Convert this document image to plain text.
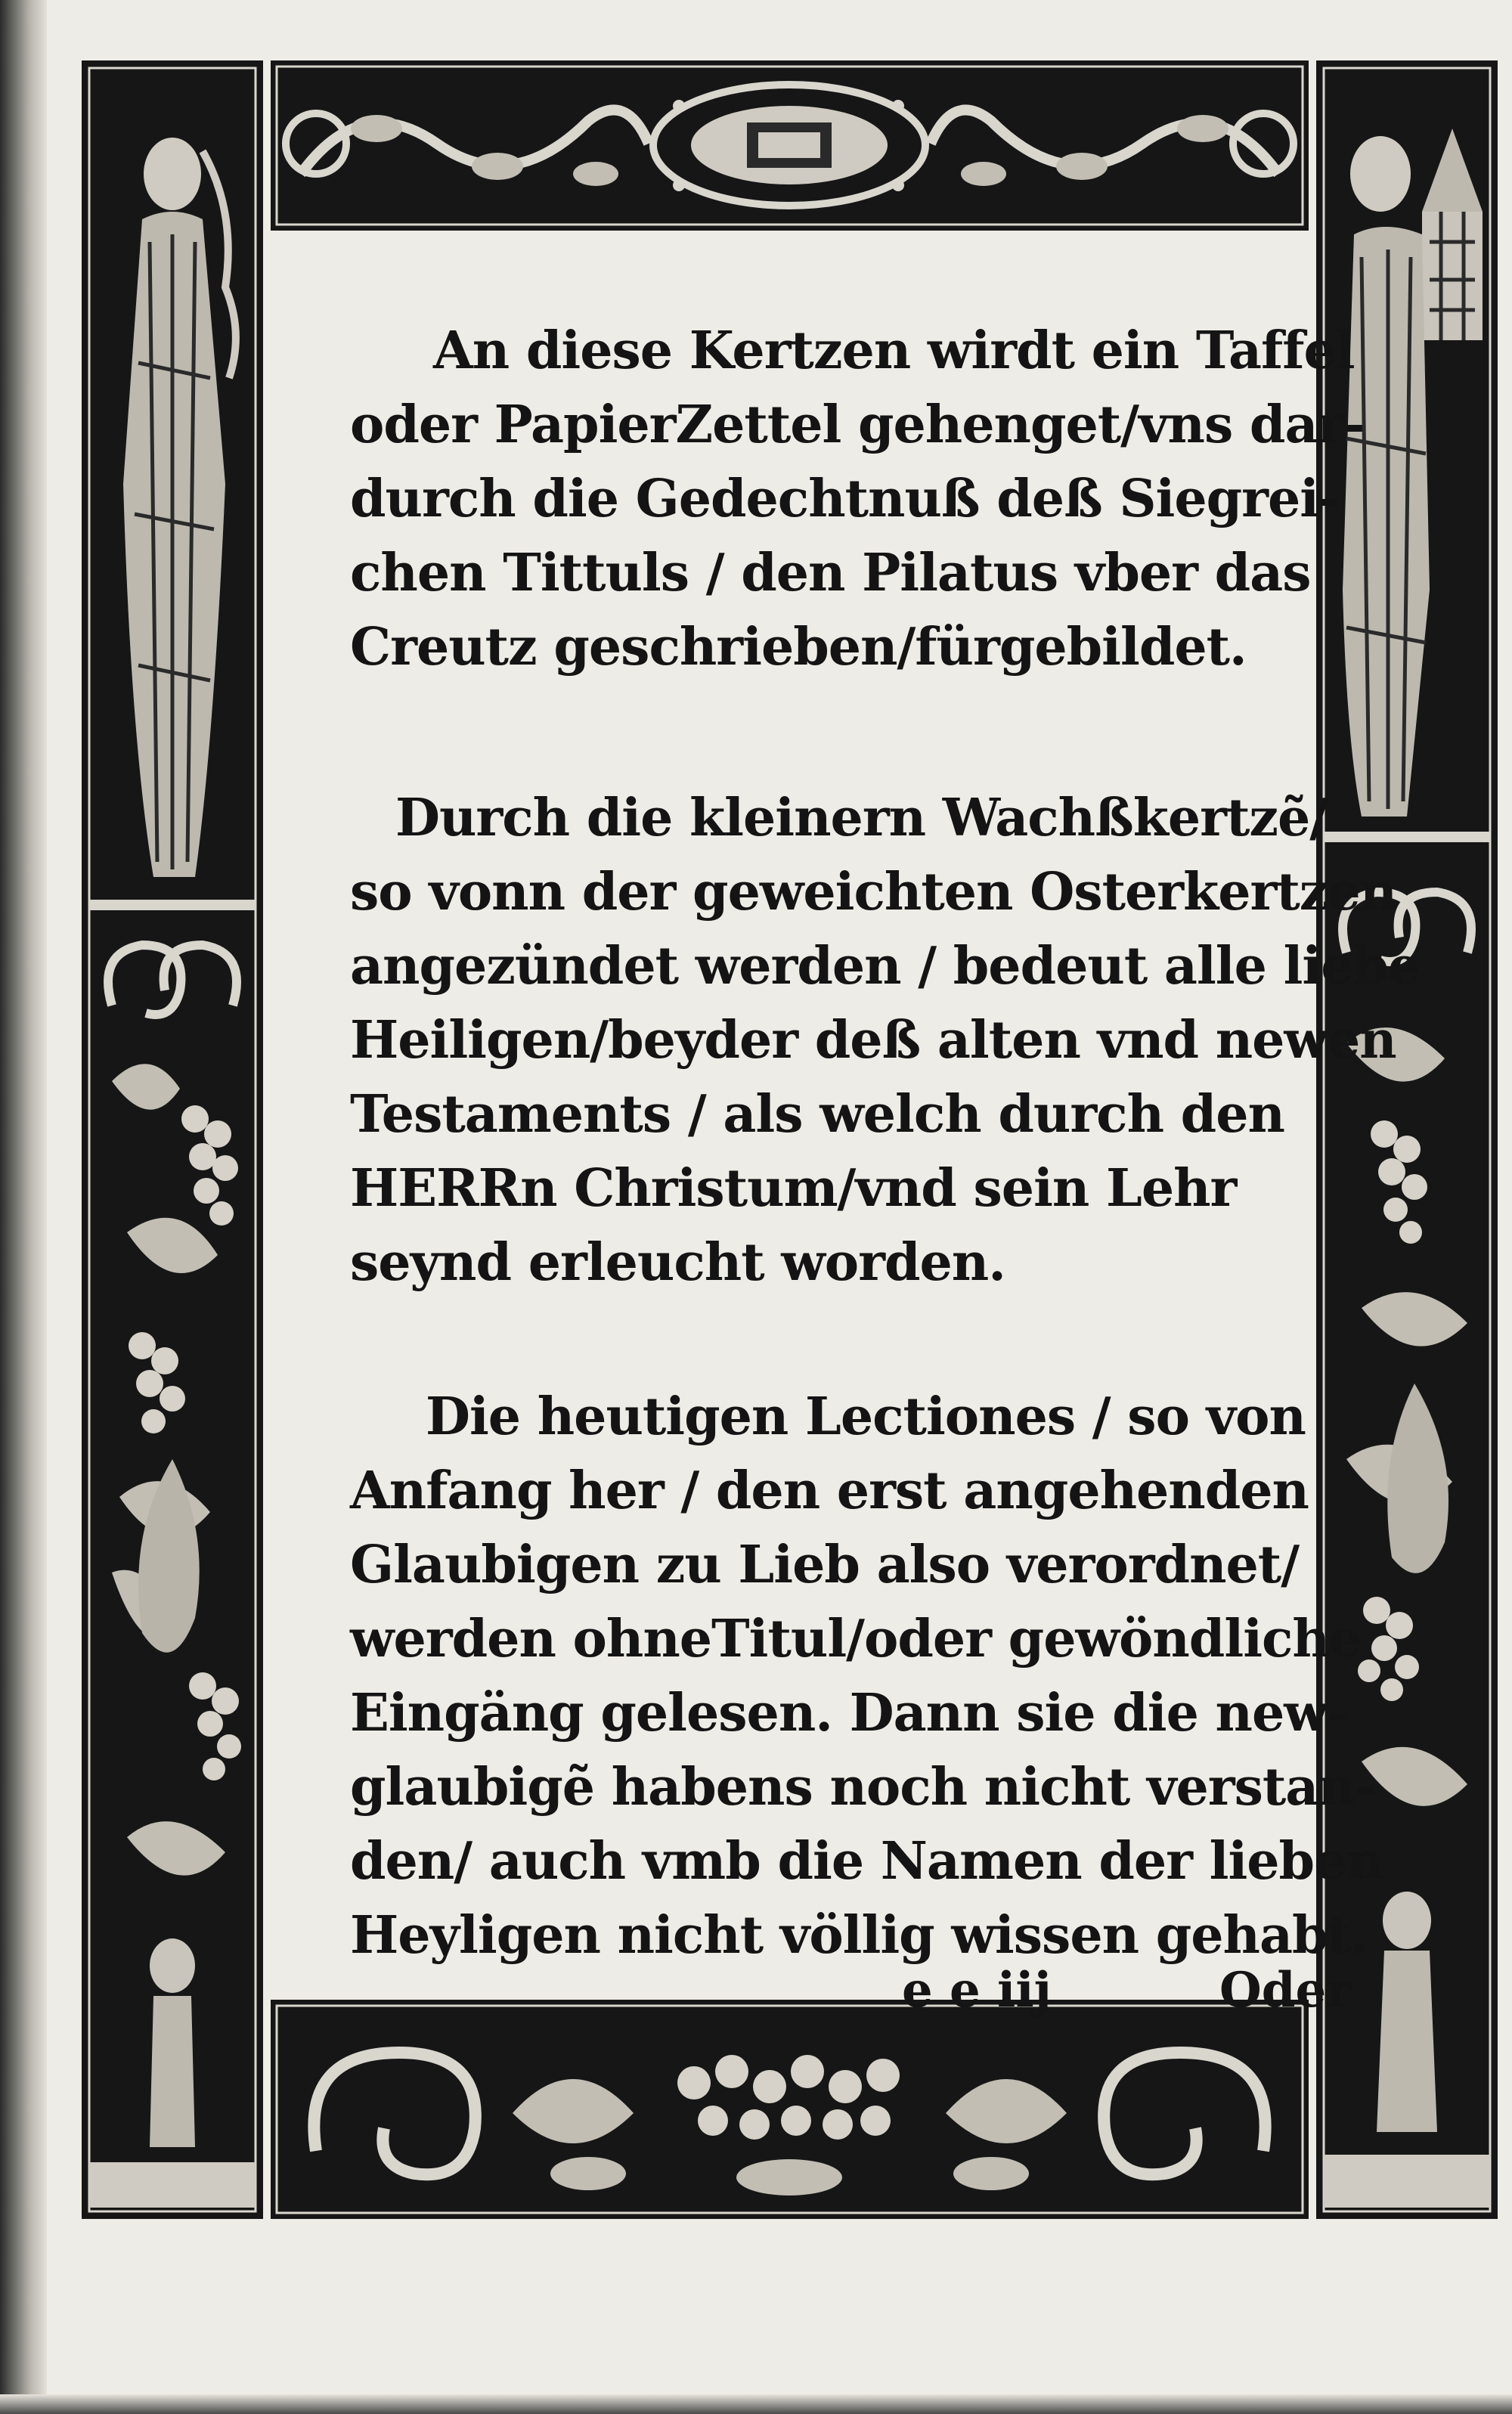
An diese Kertzen wirdt ein Taffel
oder PapierZettel gehenget/vns dar-
durch die Gedechtnuß deß Siegrei-
chen Tittuls / den Pilatus vber das
Creutz geschrieben/fürgebildet.
Durch die kleinern Wachßkertzẽ/
so vonn der geweichten Osterkertzen
angezündet werden / bedeut alle liebe
Heiligen/beyder deß alten vnd newen
Testaments / als welch durch den
HERRn Christum/vnd sein Lehr
seynd erleucht worden.
Die heutigen Lectiones / so von
Anfang her / den erst angehenden
Glaubigen zu Lieb also verordnet/
werden ohneTitul/oder gewöndliche
Eingäng gelesen. Dann sie die new-
glaubigẽ habens noch nicht verstan-
den/ auch vmb die Namen der lieben
Heyligen nicht völlig wissen gehabt.
e e iij	Oder
